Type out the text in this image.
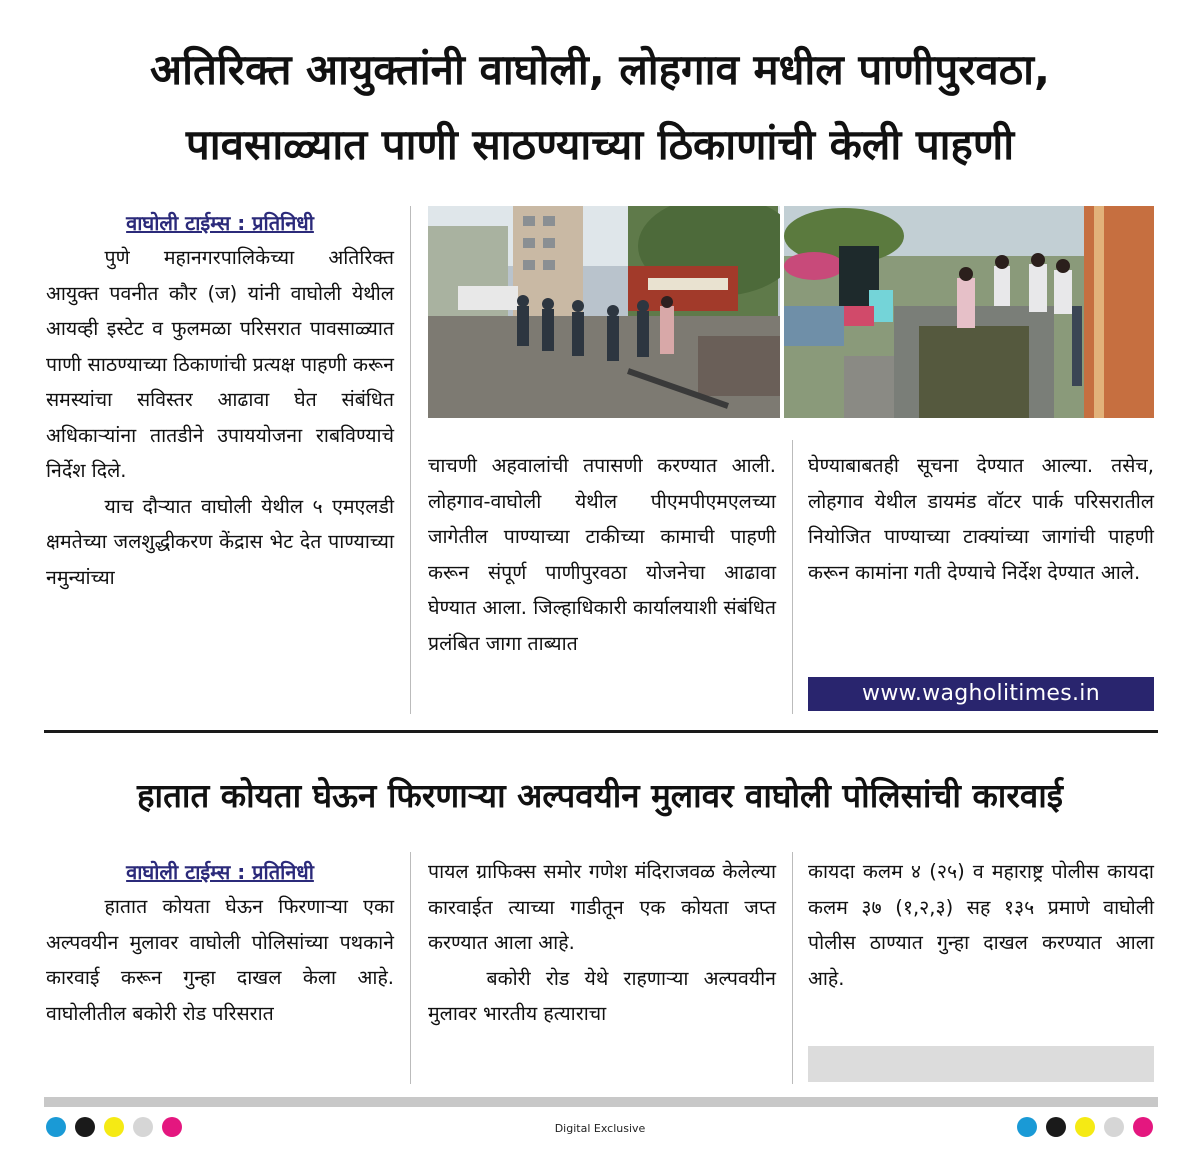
अतिरिक्त आयुक्तांनी वाघोली, लोहगाव मधील पाणीपुरवठा,
पावसाळ्यात पाणी साठण्याच्या ठिकाणांची केली पाहणी
वाघोली टाईम्स : प्रतिनिधी

पुणे महानगरपालिकेच्या अतिरिक्त आयुक्त पवनीत कौर (ज) यांनी वाघोली येथील आयव्ही इस्टेट व फुलमळा परिसरात पावसाळ्यात पाणी साठण्याच्या ठिकाणांची प्रत्यक्ष पाहणी करून समस्यांचा सविस्तर आढावा घेत संबंधित अधिकाऱ्यांना तातडीने उपाययोजना राबविण्याचे निर्देश दिले.

याच दौऱ्यात वाघोली येथील ५ एमएलडी क्षमतेच्या जलशुद्धीकरण केंद्रास भेट देत पाण्याच्या नमुन्यांच्या

चाचणी अहवालांची तपासणी करण्यात आली. लोहगाव-वाघोली येथील पीएमपीएमएलच्या जागेतील पाण्याच्या टाकीच्या कामाची पाहणी करून संपूर्ण पाणीपुरवठा योजनेचा आढावा घेण्यात आला. जिल्हाधिकारी कार्यालयाशी संबंधित प्रलंबित जागा ताब्यात

घेण्याबाबतही सूचना देण्यात आल्या. तसेच, लोहगाव येथील डायमंड वॉटर पार्क परिसरातील नियोजित पाण्याच्या टाक्यांच्या जागांची पाहणी करून कामांना गती देण्याचे निर्देश देण्यात आले.

www.wagholitimes.in
हातात कोयता घेऊन फिरणाऱ्या अल्पवयीन मुलावर वाघोली पोलिसांची कारवाई
वाघोली टाईम्स : प्रतिनिधी

हातात कोयता घेऊन फिरणाऱ्या एका अल्पवयीन मुलावर वाघोली पोलिसांच्या पथकाने कारवाई करून गुन्हा दाखल केला आहे. वाघोलीतील बकोरी रोड परिसरात

पायल ग्राफिक्स समोर गणेश मंदिराजवळ केलेल्या कारवाईत त्याच्या गाडीतून एक कोयता जप्त करण्यात आला आहे.

बकोरी रोड येथे राहणाऱ्या अल्पवयीन मुलावर भारतीय हत्याराचा

कायदा कलम ४ (२५) व महाराष्ट्र पोलीस कायदा कलम ३७ (१,२,३) सह १३५ प्रमाणे वाघोली पोलीस ठाण्यात गुन्हा दाखल करण्यात आला आहे.

Digital Exclusive
